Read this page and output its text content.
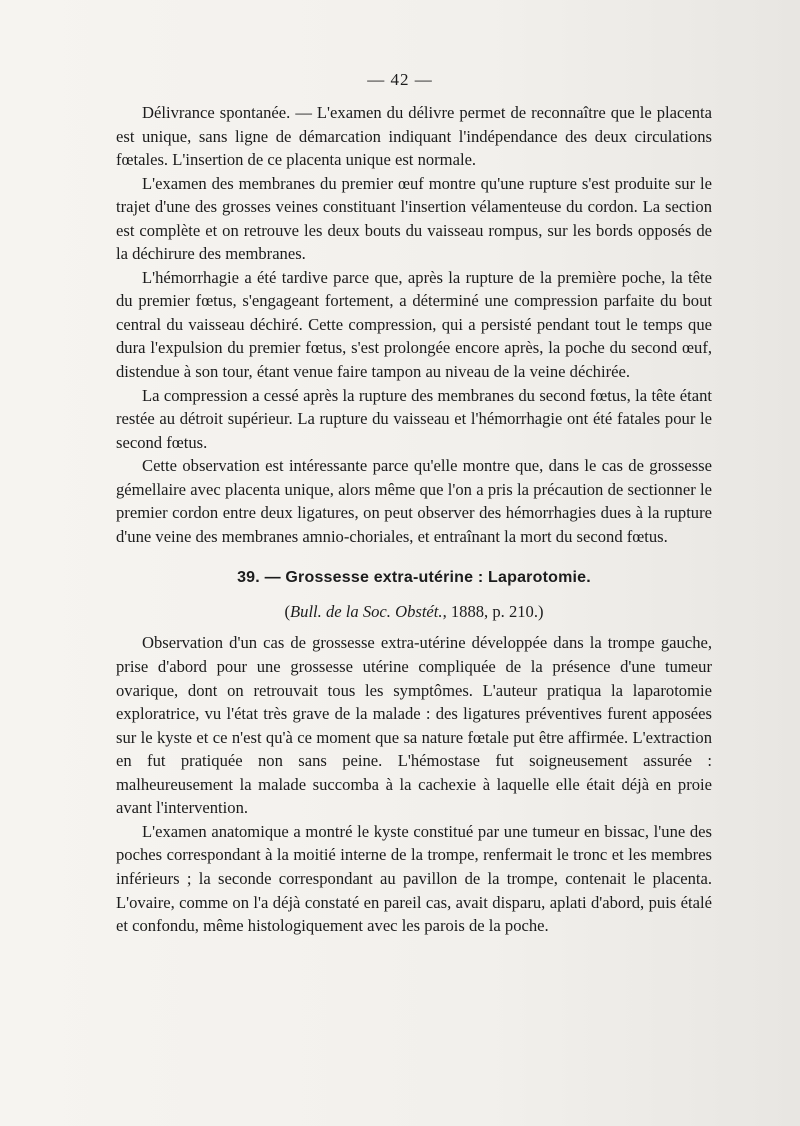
— 42 —

Délivrance spontanée. — L'examen du délivre permet de reconnaître que le placenta est unique, sans ligne de démarcation indiquant l'indépendance des deux circulations fœtales. L'insertion de ce placenta unique est normale.

L'examen des membranes du premier œuf montre qu'une rupture s'est produite sur le trajet d'une des grosses veines constituant l'insertion vélamenteuse du cordon. La section est complète et on retrouve les deux bouts du vaisseau rompus, sur les bords opposés de la déchirure des membranes.

L'hémorrhagie a été tardive parce que, après la rupture de la première poche, la tête du premier fœtus, s'engageant fortement, a déterminé une compression parfaite du bout central du vaisseau déchiré. Cette compression, qui a persisté pendant tout le temps que dura l'expulsion du premier fœtus, s'est prolongée encore après, la poche du second œuf, distendue à son tour, étant venue faire tampon au niveau de la veine déchirée.

La compression a cessé après la rupture des membranes du second fœtus, la tête étant restée au détroit supérieur. La rupture du vaisseau et l'hémorrhagie ont été fatales pour le second fœtus.

Cette observation est intéressante parce qu'elle montre que, dans le cas de grossesse gémellaire avec placenta unique, alors même que l'on a pris la précaution de sectionner le premier cordon entre deux ligatures, on peut observer des hémorrhagies dues à la rupture d'une veine des membranes amnio-choriales, et entraînant la mort du second fœtus.

39. — Grossesse extra-utérine : Laparotomie.
(Bull. de la Soc. Obstét., 1888, p. 210.)

Observation d'un cas de grossesse extra-utérine développée dans la trompe gauche, prise d'abord pour une grossesse utérine compliquée de la présence d'une tumeur ovarique, dont on retrouvait tous les symptômes. L'auteur pratiqua la laparotomie exploratrice, vu l'état très grave de la malade : des ligatures préventives furent apposées sur le kyste et ce n'est qu'à ce moment que sa nature fœtale put être affirmée. L'extraction en fut pratiquée non sans peine. L'hémostase fut soigneusement assurée : malheureusement la malade succomba à la cachexie à laquelle elle était déjà en proie avant l'intervention.

L'examen anatomique a montré le kyste constitué par une tumeur en bissac, l'une des poches correspondant à la moitié interne de la trompe, renfermait le tronc et les membres inférieurs ; la seconde correspondant au pavillon de la trompe, contenait le placenta. L'ovaire, comme on l'a déjà constaté en pareil cas, avait disparu, aplati d'abord, puis étalé et confondu, même histologiquement avec les parois de la poche.
